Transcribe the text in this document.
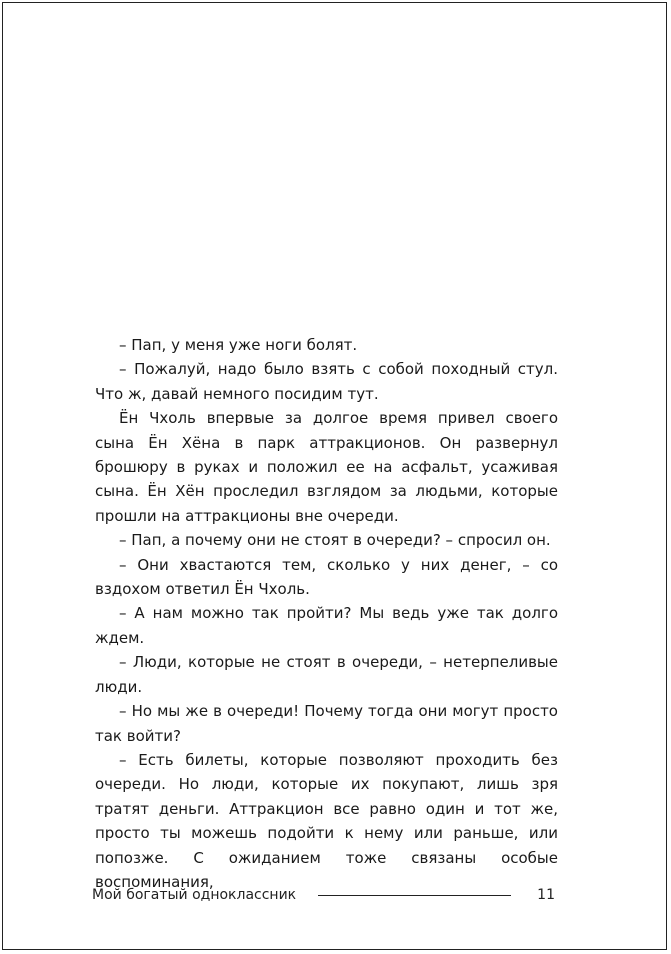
– Пап, у меня уже ноги болят.

– Пожалуй, надо было взять с собой походный стул. Что ж, давай немного посидим тут.

Ён Чхоль впервые за долгое время привел своего сына Ён Хёна в парк аттракционов. Он развернул брошюру в руках и положил ее на асфальт, усаживая сына. Ён Хён проследил взглядом за людьми, которые прошли на аттракционы вне очереди.

– Пап, а почему они не стоят в очереди? – спросил он.

– Они хвастаются тем, сколько у них денег, – со вздохом ответил Ён Чхоль.

– А нам можно так пройти? Мы ведь уже так долго ждем.

– Люди, которые не стоят в очереди, – нетерпеливые люди.

– Но мы же в очереди! Почему тогда они могут просто так войти?

– Есть билеты, которые позволяют проходить без очереди. Но люди, которые их покупают, лишь зря тратят деньги. Аттракцион все равно один и тот же, просто ты можешь подойти к нему или раньше, или попозже. С ожиданием тоже связаны особые воспоминания,

Мой богатый одноклассник	11
